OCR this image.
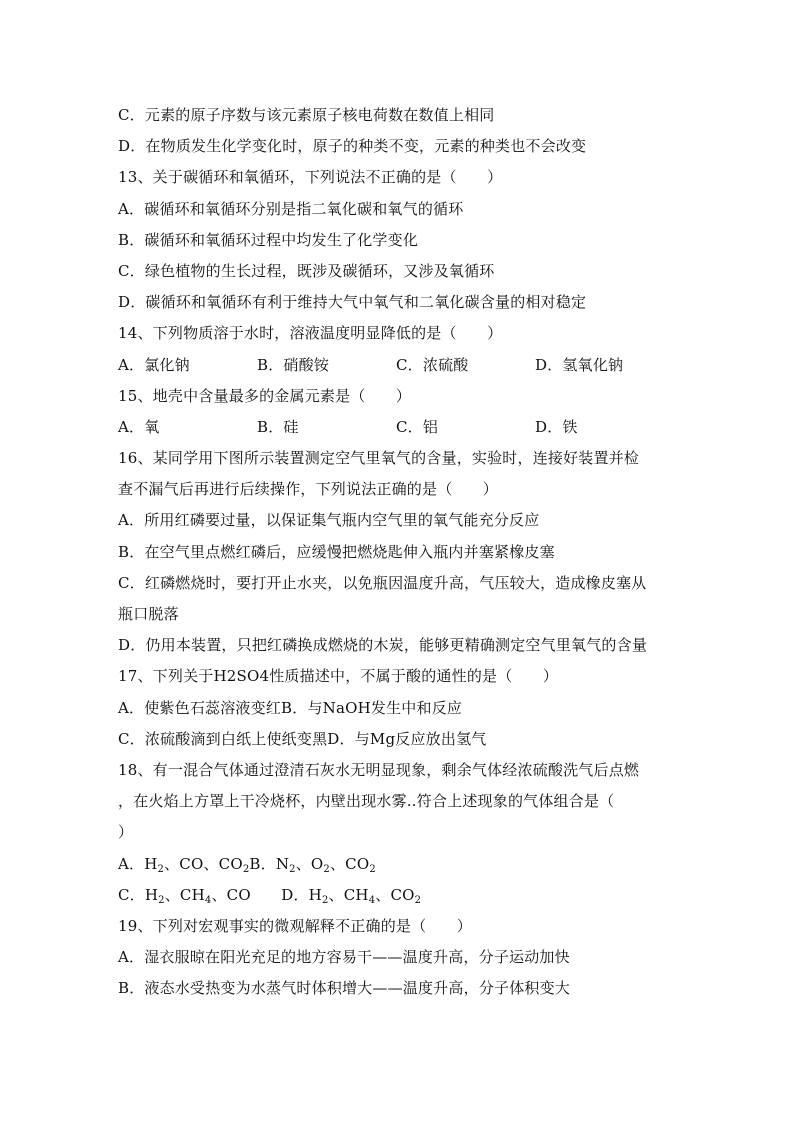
C．元素的原子序数与该元素原子核电荷数在数值上相同
D．在物质发生化学变化时，原子的种类不变，元素的种类也不会改变
13、关于碳循环和氧循环，下列说法不正确的是（　　）
A．碳循环和氧循环分别是指二氧化碳和氧气的循环
B．碳循环和氧循环过程中均发生了化学变化
C．绿色植物的生长过程，既涉及碳循环，又涉及氧循环
D．碳循环和氧循环有利于维持大气中氧气和二氧化碳含量的相对稳定
14、下列物质溶于水时，溶液温度明显降低的是（　　）
A．氯化钠	B．硝酸铵	C．浓硫酸	D．氢氧化钠
15、地壳中含量最多的金属元素是（　　）
A．氧	B．硅	C．铝	D．铁
16、某同学用下图所示装置测定空气里氧气的含量，实验时，连接好装置并检
查不漏气后再进行后续操作，下列说法正确的是（　　）
A．所用红磷要过量，以保证集气瓶内空气里的氧气能充分反应
B．在空气里点燃红磷后，应缓慢把燃烧匙伸入瓶内并塞紧橡皮塞
C．红磷燃烧时，要打开止水夹，以免瓶因温度升高，气压较大，造成橡皮塞从
瓶口脱落
D．仍用本装置，只把红磷换成燃烧的木炭，能够更精确测定空气里氧气的含量
17、下列关于H2SO4性质描述中，不属于酸的通性的是（　　）
A．使紫色石蕊溶液变红B．与NaOH发生中和反应
C．浓硫酸滴到白纸上使纸变黑D．与Mg反应放出氢气
18、有一混合气体通过澄清石灰水无明显现象，剩余气体经浓硫酸洗气后点燃
，在火焰上方罩上干冷烧杯，内壁出现水雾..符合上述现象的气体组合是（
）
A．$H_2$、CO、$CO_2B$．$N_2$、$O_2$、$CO_2$
C．$H_2$、$CH_4$、CO　　D．$H_2$、$CH_4$、$CO_2$
19、下列对宏观事实的微观解释不正确的是（　　）
A．湿衣服晾在阳光充足的地方容易干——温度升高，分子运动加快
B．液态水受热变为水蒸气时体积增大——温度升高，分子体积变大
